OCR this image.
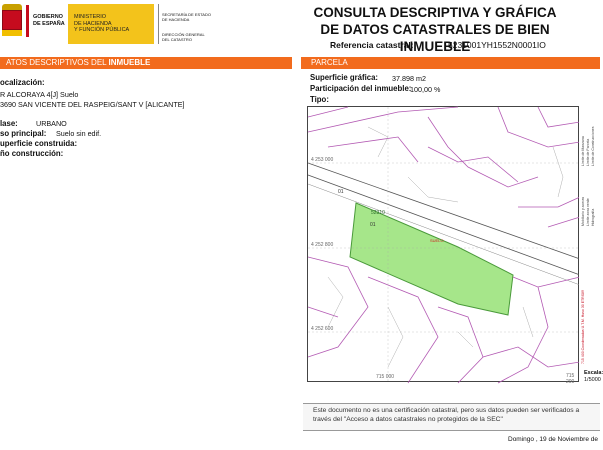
GOBIERNO
DE ESPAÑA
MINISTERIO
DE HACIENDA
Y FUNCIÓN PÚBLICA
SECRETARÍA DE ESTADO
DE HACIENDA
DIRECCIÓN GENERAL
DEL CATASTRO
CONSULTA DESCRIPTIVA Y GRÁFICA
DE DATOS CATASTRALES DE BIEN INMUEBLE
Referencia catastral:	5231001YH1552N0001IO
ATOS DESCRIPTIVOS DEL INMUEBLE	PARCELA
ocalización:
R ALCORAYA 4[J] Suelo
3690 SAN VICENTE DEL RASPEIG/SANT V [ALICANTE]
lase:	URBANO
so principal: Suelo sin edif.
uperficie construida:
ño construcción:
Superficie gráfica: 37.898 m2
Participación del inmueble:
100,00 %
Tipo:
4 253 000
4 252 800
4 252 600
715 000	715 200
52310
01
01
SUELO
Límite de Manzana Límite de Parcela Límite de Construcciones
Mobiliario y aceras Límite zona verde Hidrografía
715 400 Coordenadas U.T.M. Huso 30 ETRS89
Escala:
1/5000
Este documento no es una certificación catastral, pero sus datos pueden ser verificados a través del "Acceso a datos catastrales no protegidos de la SEC"
Domingo , 19 de Noviembre de
